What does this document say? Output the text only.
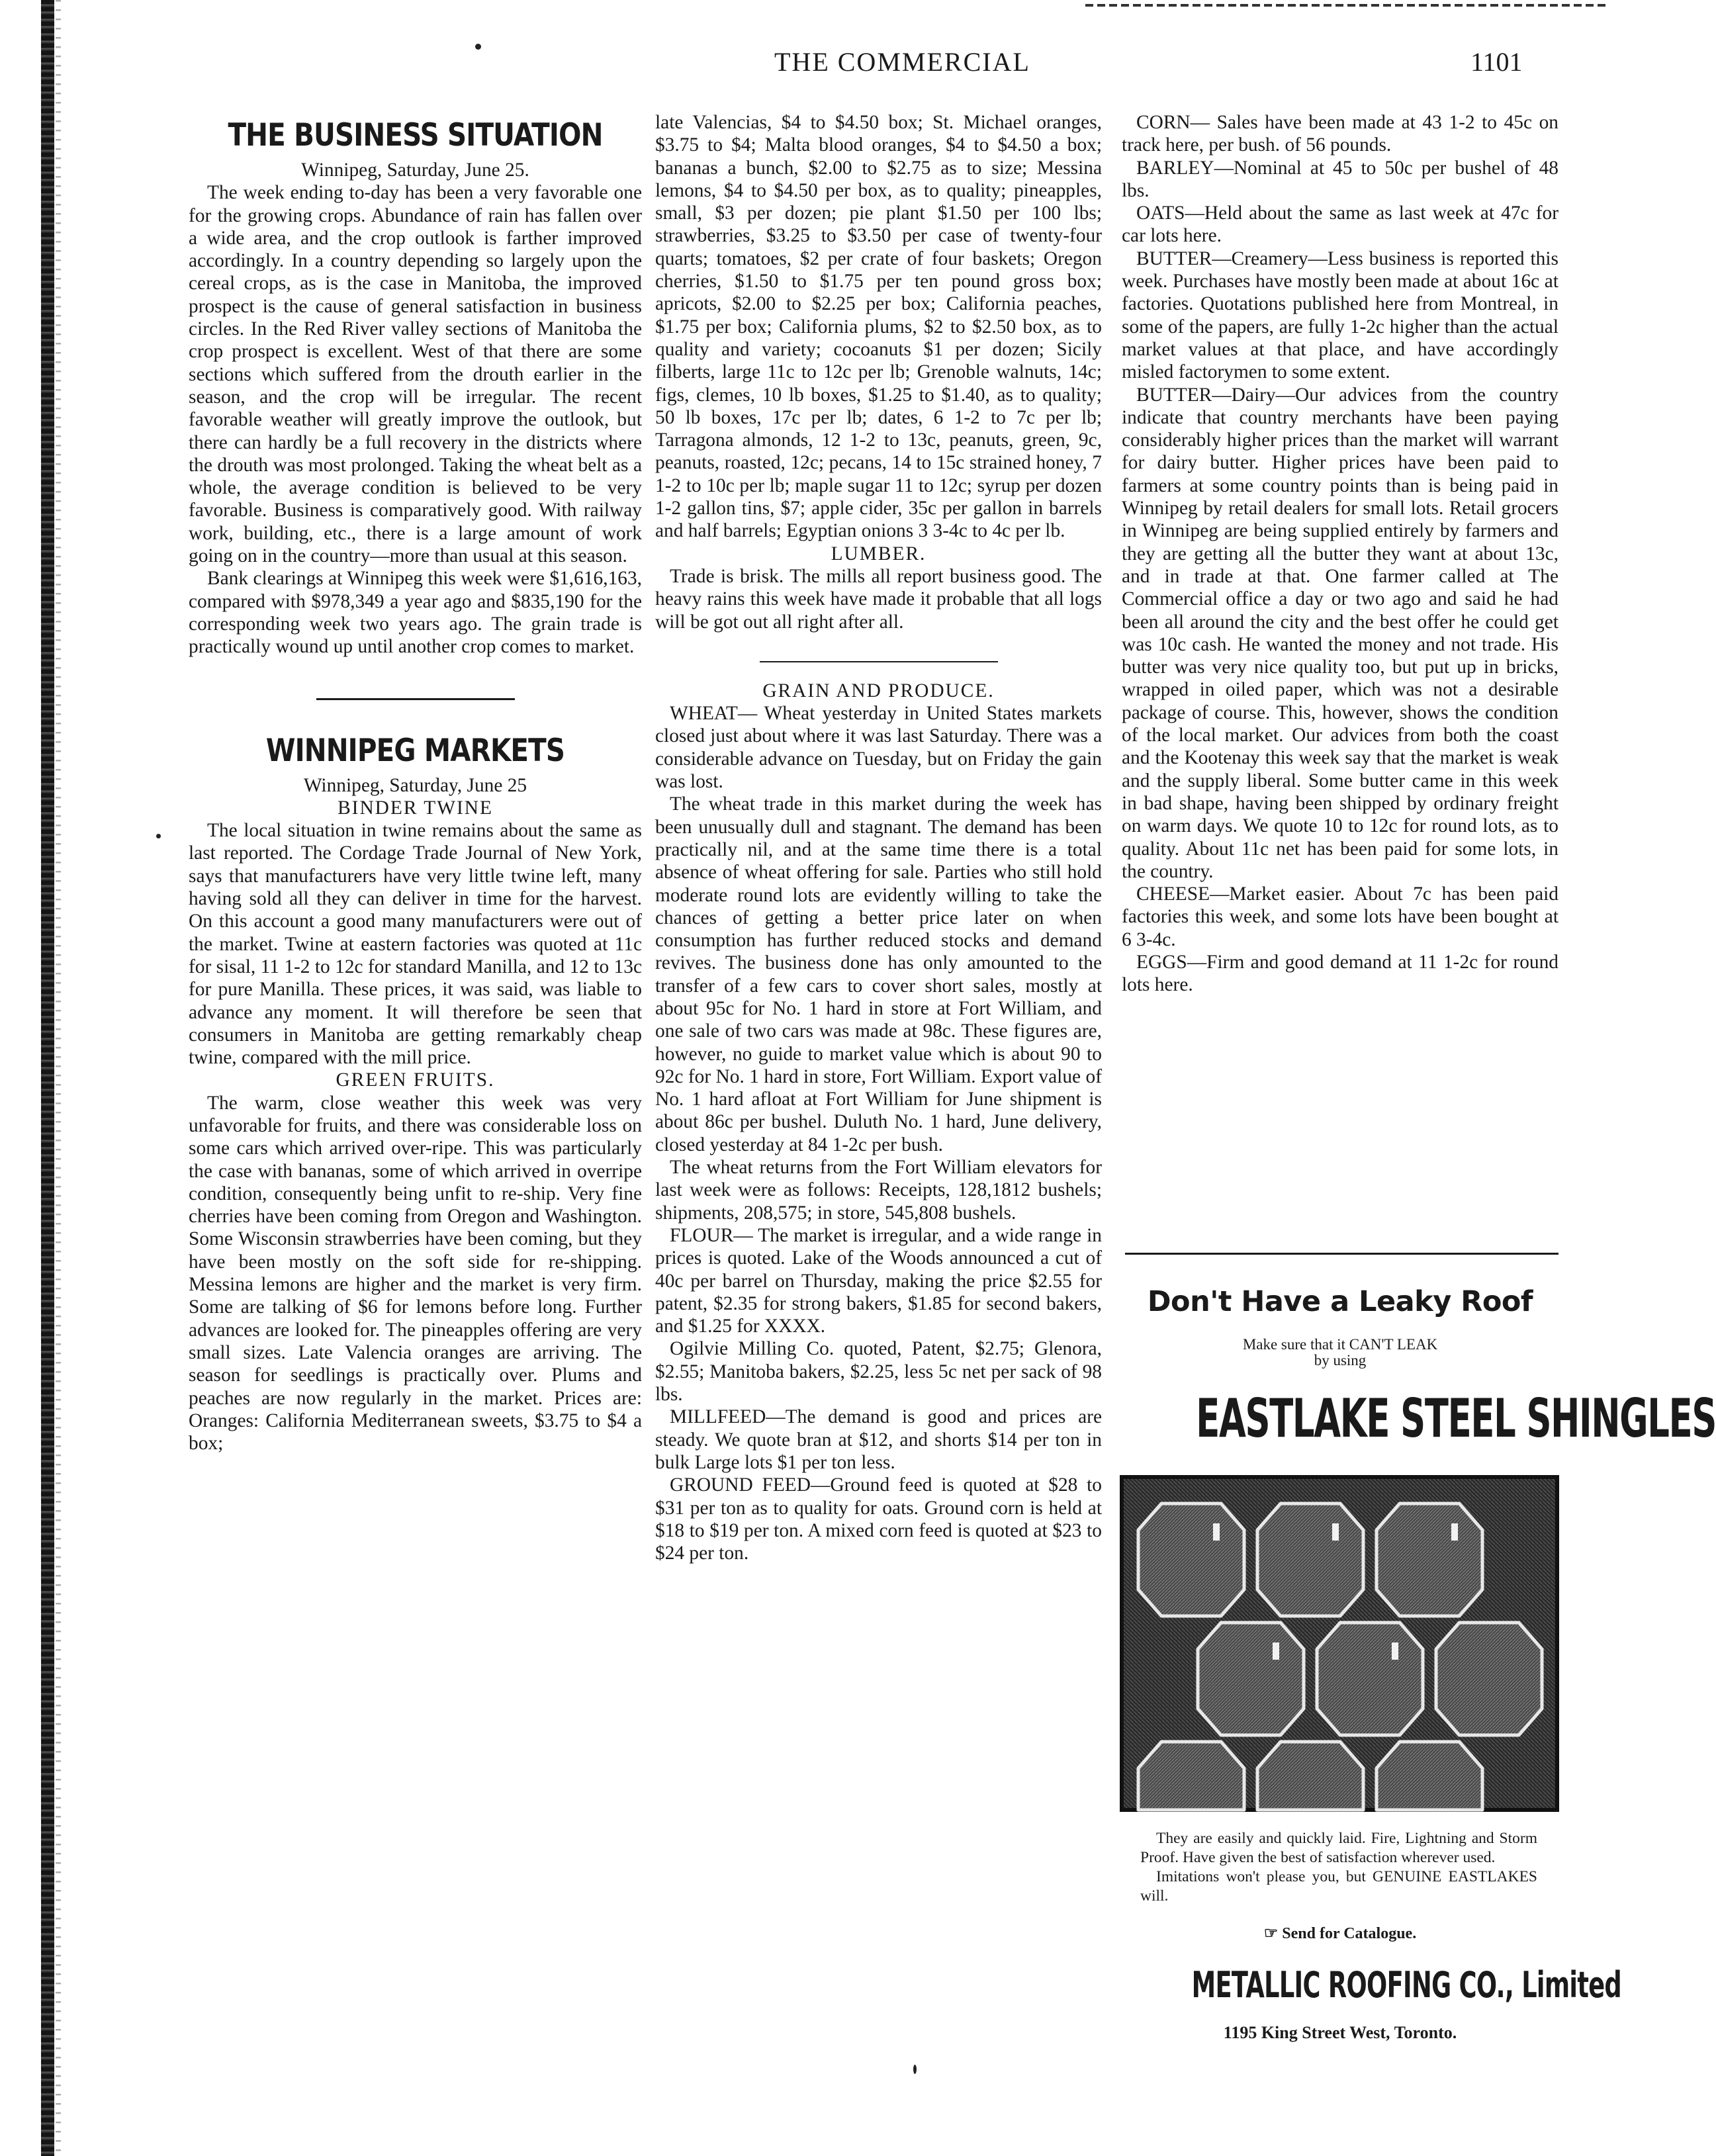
THE COMMERCIAL	1101
THE BUSINESS SITUATION

Winnipeg, Saturday, June 25.

The week ending to-day has been a very favorable one for the growing crops. Abundance of rain has fallen over a wide area, and the crop outlook is farther improved accordingly. In a country depending so largely upon the cereal crops, as is the case in Manitoba, the improved prospect is the cause of general satisfaction in business circles. In the Red River valley sections of Manitoba the crop prospect is excellent. West of that there are some sections which suffered from the drouth earlier in the season, and the crop will be irregular. The recent favorable weather will greatly improve the outlook, but there can hardly be a full recovery in the districts where the drouth was most prolonged. Taking the wheat belt as a whole, the average condition is believed to be very favorable. Business is comparatively good. With railway work, building, etc., there is a large amount of work going on in the country—more than usual at this season.

Bank clearings at Winnipeg this week were $1,616,163, compared with $978,349 a year ago and $835,190 for the corresponding week two years ago. The grain trade is practically wound up until another crop comes to market.

WINNIPEG MARKETS

Winnipeg, Saturday, June 25

BINDER TWINE

The local situation in twine remains about the same as last reported. The Cordage Trade Journal of New York, says that manufacturers have very little twine left, many having sold all they can deliver in time for the harvest. On this account a good many manufacturers were out of the market. Twine at eastern factories was quoted at 11c for sisal, 11 1-2 to 12c for standard Manilla, and 12 to 13c for pure Manilla. These prices, it was said, was liable to advance any moment. It will therefore be seen that consumers in Manitoba are getting remarkably cheap twine, compared with the mill price.

GREEN FRUITS.

The warm, close weather this week was very unfavorable for fruits, and there was considerable loss on some cars which arrived over-ripe. This was particularly the case with bananas, some of which arrived in overripe condition, consequently being unfit to re-ship. Very fine cherries have been coming from Oregon and Washington. Some Wisconsin strawberries have been coming, but they have been mostly on the soft side for re-shipping. Messina lemons are higher and the market is very firm. Some are talking of $6 for lemons before long. Further advances are looked for. The pineapples offering are very small sizes. Late Valencia oranges are arriving. The season for seedlings is practically over. Plums and peaches are now regularly in the market. Prices are: Oranges: California Mediterranean sweets, $3.75 to $4 a box;

late Valencias, $4 to $4.50 box; St. Michael oranges, $3.75 to $4; Malta blood oranges, $4 to $4.50 a box; bananas a bunch, $2.00 to $2.75 as to size; Messina lemons, $4 to $4.50 per box, as to quality; pineapples, small, $3 per dozen; pie plant $1.50 per 100 lbs; strawberries, $3.25 to $3.50 per case of twenty-four quarts; tomatoes, $2 per crate of four baskets; Oregon cherries, $1.50 to $1.75 per ten pound gross box; apricots, $2.00 to $2.25 per box; California peaches, $1.75 per box; California plums, $2 to $2.50 box, as to quality and variety; cocoanuts $1 per dozen; Sicily filberts, large 11c to 12c per lb; Grenoble walnuts, 14c; figs, clemes, 10 lb boxes, $1.25 to $1.40, as to quality; 50 lb boxes, 17c per lb; dates, 6 1-2 to 7c per lb; Tarragona almonds, 12 1-2 to 13c, peanuts, green, 9c, peanuts, roasted, 12c; pecans, 14 to 15c strained honey, 7 1-2 to 10c per lb; maple sugar 11 to 12c; syrup per dozen 1-2 gallon tins, $7; apple cider, 35c per gallon in barrels and half barrels; Egyptian onions 3 3-4c to 4c per lb.

LUMBER.

Trade is brisk. The mills all report business good. The heavy rains this week have made it probable that all logs will be got out all right after all.

GRAIN AND PRODUCE.

WHEAT— Wheat yesterday in United States markets closed just about where it was last Saturday. There was a considerable advance on Tuesday, but on Friday the gain was lost.

The wheat trade in this market during the week has been unusually dull and stagnant. The demand has been practically nil, and at the same time there is a total absence of wheat offering for sale. Parties who still hold moderate round lots are evidently willing to take the chances of getting a better price later on when consumption has further reduced stocks and demand revives. The business done has only amounted to the transfer of a few cars to cover short sales, mostly at about 95c for No. 1 hard in store at Fort William, and one sale of two cars was made at 98c. These figures are, however, no guide to market value which is about 90 to 92c for No. 1 hard in store, Fort William. Export value of No. 1 hard afloat at Fort William for June shipment is about 86c per bushel. Duluth No. 1 hard, June delivery, closed yesterday at 84 1-2c per bush.

The wheat returns from the Fort William elevators for last week were as follows: Receipts, 128,1812 bushels; shipments, 208,575; in store, 545,808 bushels.

FLOUR— The market is irregular, and a wide range in prices is quoted. Lake of the Woods announced a cut of 40c per barrel on Thursday, making the price $2.55 for patent, $2.35 for strong bakers, $1.85 for second bakers, and $1.25 for XXXX.

Ogilvie Milling Co. quoted, Patent, $2.75; Glenora, $2.55; Manitoba bakers, $2.25, less 5c net per sack of 98 lbs.

MILLFEED—The demand is good and prices are steady. We quote bran at $12, and shorts $14 per ton in bulk Large lots $1 per ton less.

GROUND FEED—Ground feed is quoted at $28 to $31 per ton as to quality for oats. Ground corn is held at $18 to $19 per ton. A mixed corn feed is quoted at $23 to $24 per ton.

CORN— Sales have been made at 43 1-2 to 45c on track here, per bush. of 56 pounds.

BARLEY—Nominal at 45 to 50c per bushel of 48 lbs.

OATS—Held about the same as last week at 47c for car lots here.

BUTTER—Creamery—Less business is reported this week. Purchases have mostly been made at about 16c at factories. Quotations published here from Montreal, in some of the papers, are fully 1-2c higher than the actual market values at that place, and have accordingly misled factorymen to some extent.

BUTTER—Dairy—Our advices from the country indicate that country merchants have been paying considerably higher prices than the market will warrant for dairy butter. Higher prices have been paid to farmers at some country points than is being paid in Winnipeg by retail dealers for small lots. Retail grocers in Winnipeg are being supplied entirely by farmers and they are getting all the butter they want at about 13c, and in trade at that. One farmer called at The Commercial office a day or two ago and said he had been all around the city and the best offer he could get was 10c cash. He wanted the money and not trade. His butter was very nice quality too, but put up in bricks, wrapped in oiled paper, which was not a desirable package of course. This, however, shows the condition of the local market. Our advices from both the coast and the Kootenay this week say that the market is weak and the supply liberal. Some butter came in this week in bad shape, having been shipped by ordinary freight on warm days. We quote 10 to 12c for round lots, as to quality. About 11c net has been paid for some lots, in the country.

CHEESE—Market easier. About 7c has been paid factories this week, and some lots have been bought at 6 3-4c.

EGGS—Firm and good demand at 11 1-2c for round lots here.

Don't Have a Leaky Roof
Make sure that it CAN'T LEAK
by using
EASTLAKE STEEL SHINGLES

They are easily and quickly laid. Fire, Lightning and Storm Proof. Have given the best of satisfaction wherever used.

Imitations won't please you, but GENUINE EASTLAKES will.

☞ Send for Catalogue.
METALLIC ROOFING CO., Limited
1195 King Street West, Toronto.
